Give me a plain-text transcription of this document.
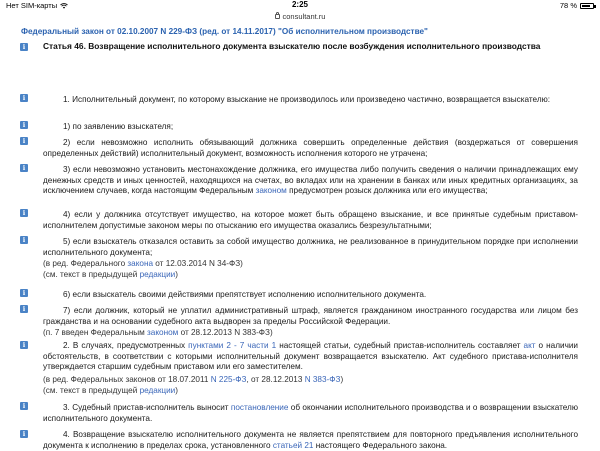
Нет SIM-карты	2:25	78 %
consultant.ru
Федеральный закон от 02.10.2007 N 229-ФЗ (ред. от 14.11.2017) "Об исполнительном производстве"
i	Статья 46. Возвращение исполнительного документа взыскателю после возбуждения исполнительного производства
i	1. Исполнительный документ, по которому взыскание не производилось или произведено частично, возвращается взыскателю:
i	1) по заявлению взыскателя;
i	2) если невозможно исполнить обязывающий должника совершить определенные действия (воздержаться от совершения определенных действий) исполнительный документ, возможность исполнения которого не утрачена;
i	3) если невозможно установить местонахождение должника, его имущества либо получить сведения о наличии принадлежащих ему денежных средств и иных ценностей, находящихся на счетах, во вкладах или на хранении в банках или иных кредитных организациях, за исключением случаев, когда настоящим Федеральным законом предусмотрен розыск должника или его имущества;
i	4) если у должника отсутствует имущество, на которое может быть обращено взыскание, и все принятые судебным приставом-исполнителем допустимые законом меры по отысканию его имущества оказались безрезультатными;
i	5) если взыскатель отказался оставить за собой имущество должника, не реализованное в принудительном порядке при исполнении исполнительного документа;
(в ред. Федерального закона от 12.03.2014 N 34-ФЗ)
(см. текст в предыдущей редакции)
i	6) если взыскатель своими действиями препятствует исполнению исполнительного документа.
i	7) если должник, который не уплатил административный штраф, является гражданином иностранного государства или лицом без гражданства и на основании судебного акта выдворен за пределы Российской Федерации.
(п. 7 введен Федеральным законом от 28.12.2013 N 383-ФЗ)
i	2. В случаях, предусмотренных пунктами 2 - 7 части 1 настоящей статьи, судебный пристав-исполнитель составляет акт о наличии обстоятельств, в соответствии с которыми исполнительный документ возвращается взыскателю. Акт судебного пристава-исполнителя утверждается старшим судебным приставом или его заместителем.
(в ред. Федеральных законов от 18.07.2011 N 225-ФЗ, от 28.12.2013 N 383-ФЗ)
(см. текст в предыдущей редакции)
i	3. Судебный пристав-исполнитель выносит постановление об окончании исполнительного производства и о возвращении взыскателю исполнительного документа.
i	4. Возвращение взыскателю исполнительного документа не является препятствием для повторного предъявления исполнительного документа к исполнению в пределах срока, установленного статьей 21 настоящего Федерального закона.
